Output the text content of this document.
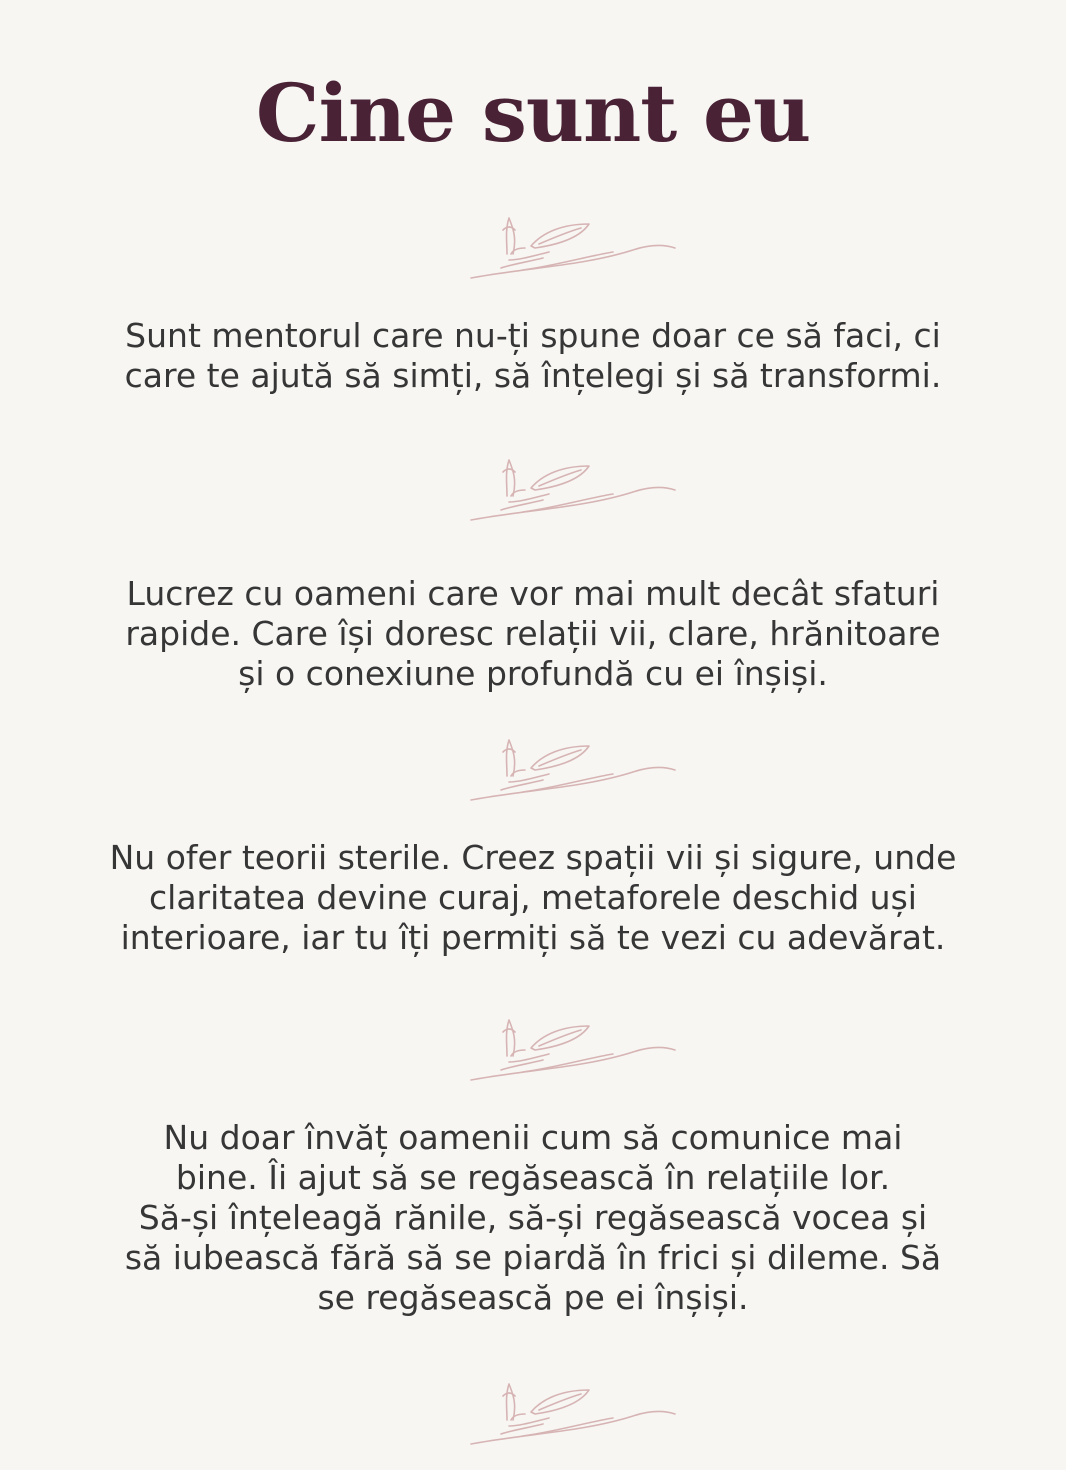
Cine sunt eu
Sunt mentorul care nu-ți spune doar ce să faci, ci
care te ajută să simți, să înțelegi și să transformi.
Lucrez cu oameni care vor mai mult decât sfaturi
rapide. Care își doresc relații vii, clare, hrănitoare
și o conexiune profundă cu ei înșiși.
Nu ofer teorii sterile. Creez spații vii și sigure, unde
claritatea devine curaj, metaforele deschid uși
interioare, iar tu îți permiți să te vezi cu adevărat.
Nu doar învăț oamenii cum să comunice mai
bine. Îi ajut să se regăsească în relațiile lor.
Să-și înțeleagă rănile, să-și regăsească vocea și
să iubească fără să se piardă în frici și dileme. Să
se regăsească pe ei înșiși.
